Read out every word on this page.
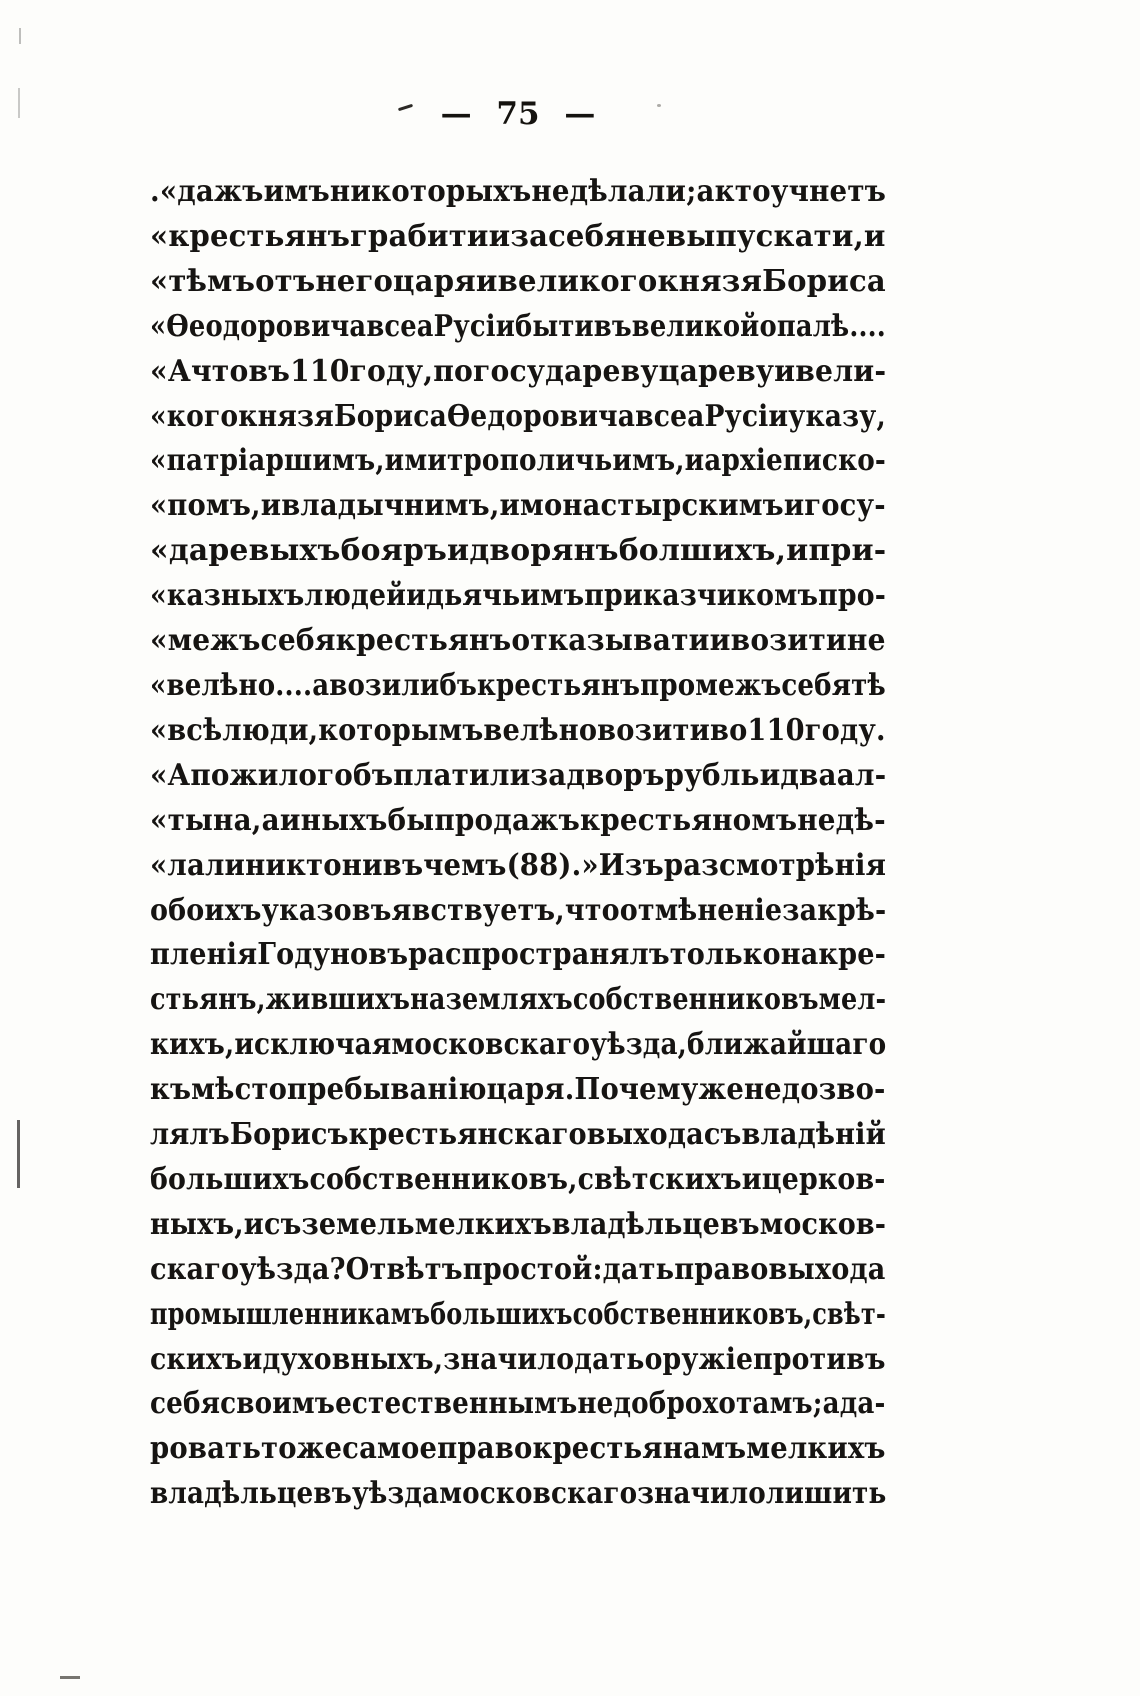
— 75 —
.«дажъ имъ ни которыхъ не дѣлали; а кто учнетъ
«крестьянъ грабити и за себя не выпускати, и
«тѣмъ отъ него царя и великого князя Бориса
«Ѳеодоровича всеа Русіи быти въ великой опалѣ....
«А что въ 110 году, по государеву цареву и вели-
«кого князя Бориса Ѳедоровича всеа Русіи указу,
«патріаршимъ, и митрополичьимъ, и архіеписко-
«помъ, и владычнимъ, и монастырскимъ и госу-
«даревыхъ бояръ и дворянъ болшихъ, и при-
«казныхъ людей и дьячьимъ приказчикомъ про-
«межъ себя крестьянъ отказывати и возити не
«велѣно.... а возилибъ крестьянъ промежъ себя тѣ
«всѣ люди, которымъ велѣно возити во 110 году.
«А пожилогобъ платили за дворъ рубль и два ал-
«тына, а иныхъ бы продажъ крестьяномъ не дѣ-
«лали никто ни въ чемъ (88).» Изъ разсмотрѣнія
обоихъ указовъ явствуетъ, что отмѣненіе закрѣ-
пленія Годуновъ распространялъ только на кре-
стьянъ, жившихъ на земляхъ собственниковъ мел-
кихъ, исключая московскаго уѣзда, ближайшаго
къ мѣстопребыванію царя. Почему же не дозво-
лялъ Борисъ крестьянскаго выхода съ владѣній
большихъ собственниковъ, свѣтскихъ и церков-
ныхъ, и съ земель мелкихъ владѣльцевъ москов-
скаго уѣзда? Отвѣтъ простой: дать право выхода
промышленникамъ большихъ собственниковъ, свѣт-
скихъ и духовныхъ, значило дать оружіе противъ
себя своимъ естественнымъ недоброхотамъ; а да-
ровать то же самое право крестьянамъ мелкихъ
владѣльцевъ уѣзда московскаго значило лишить
